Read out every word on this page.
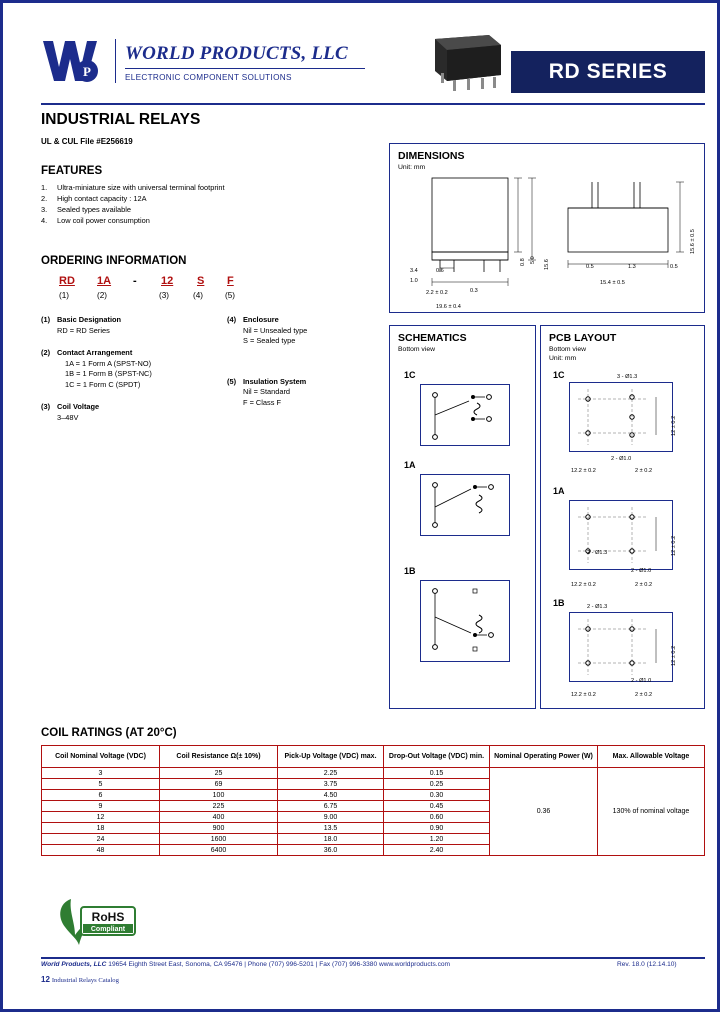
P
WORLD PRODUCTS, LLC
ELECTRONIC COMPONENT SOLUTIONS	RD SERIES
INDUSTRIAL RELAYS
UL & CUL File #E256619
FEATURES
1.	Ultra-miniature size with universal terminal footprint
2.	High contact capacity : 12A
3.	Sealed types available
4.	Low coil power consumption
ORDERING INFORMATION
RD 1A - 12 S F
(1)	(2)	(3)	(4)	(5)
(1) Basic Designation
RD = RD Series
(2) Contact Arrangement
1A = 1 Form A (SPST-NO)
1B = 1 Form B (SPST-NC)
1C = 1 Form C (SPDT)
(3) Coil Voltage
3–48V
(4) Enclosure
Nil = Unsealed type
S = Sealed type
(5) Insulation System
Nil = Standard
F = Class F
DIMENSIONS
Unit: mm
3.4	0.6
1.0
0.8
2.2 ± 0.2	0.3
5.0 15.6
19.6 ± 0.4
0.5	1.3	0.5
15.4 ± 0.5
15.6 ± 0.5
SCHEMATICS
Bottom view
1C
1A
1B
PCB LAYOUT
Bottom view
Unit: mm
1C	3 - Ø1.3
12 ± 0.2
2 - Ø1.0
12.2 ± 0.2	2 ± 0.2
1A
2 - Ø1.3	12 ± 0.2
2 - Ø1.0
12.2 ± 0.2	2 ± 0.2
1B	2 - Ø1.3
12 ± 0.2
2 - Ø1.0
12.2 ± 0.2	2 ± 0.2
COIL RATINGS (AT 20°C)
Coil Nominal Voltage (VDC)	Coil Resistance Ω(± 10%)	Pick-Up Voltage (VDC) max.	Drop-Out Voltage (VDC) min.	Nominal Operating Power (W)	Max. Allowable Voltage
3	25	2.25	0.15	0.36	130% of nominal voltage
5	69	3.75	0.25		
6	100	4.50	0.30		
9	225	6.75	0.45		
12	400	9.00	0.60		
18	900	13.5	0.90		
24	1600	18.0	1.20		
48	6400	36.0	2.40		
RoHS
Compliant
World Products, LLC 19654 Eighth Street East, Sonoma, CA 95476 | Phone (707) 996-5201 | Fax (707) 996-3380 www.worldproducts.com	Rev. 18.0 (12.14.10)
12 Industrial Relays Catalog
